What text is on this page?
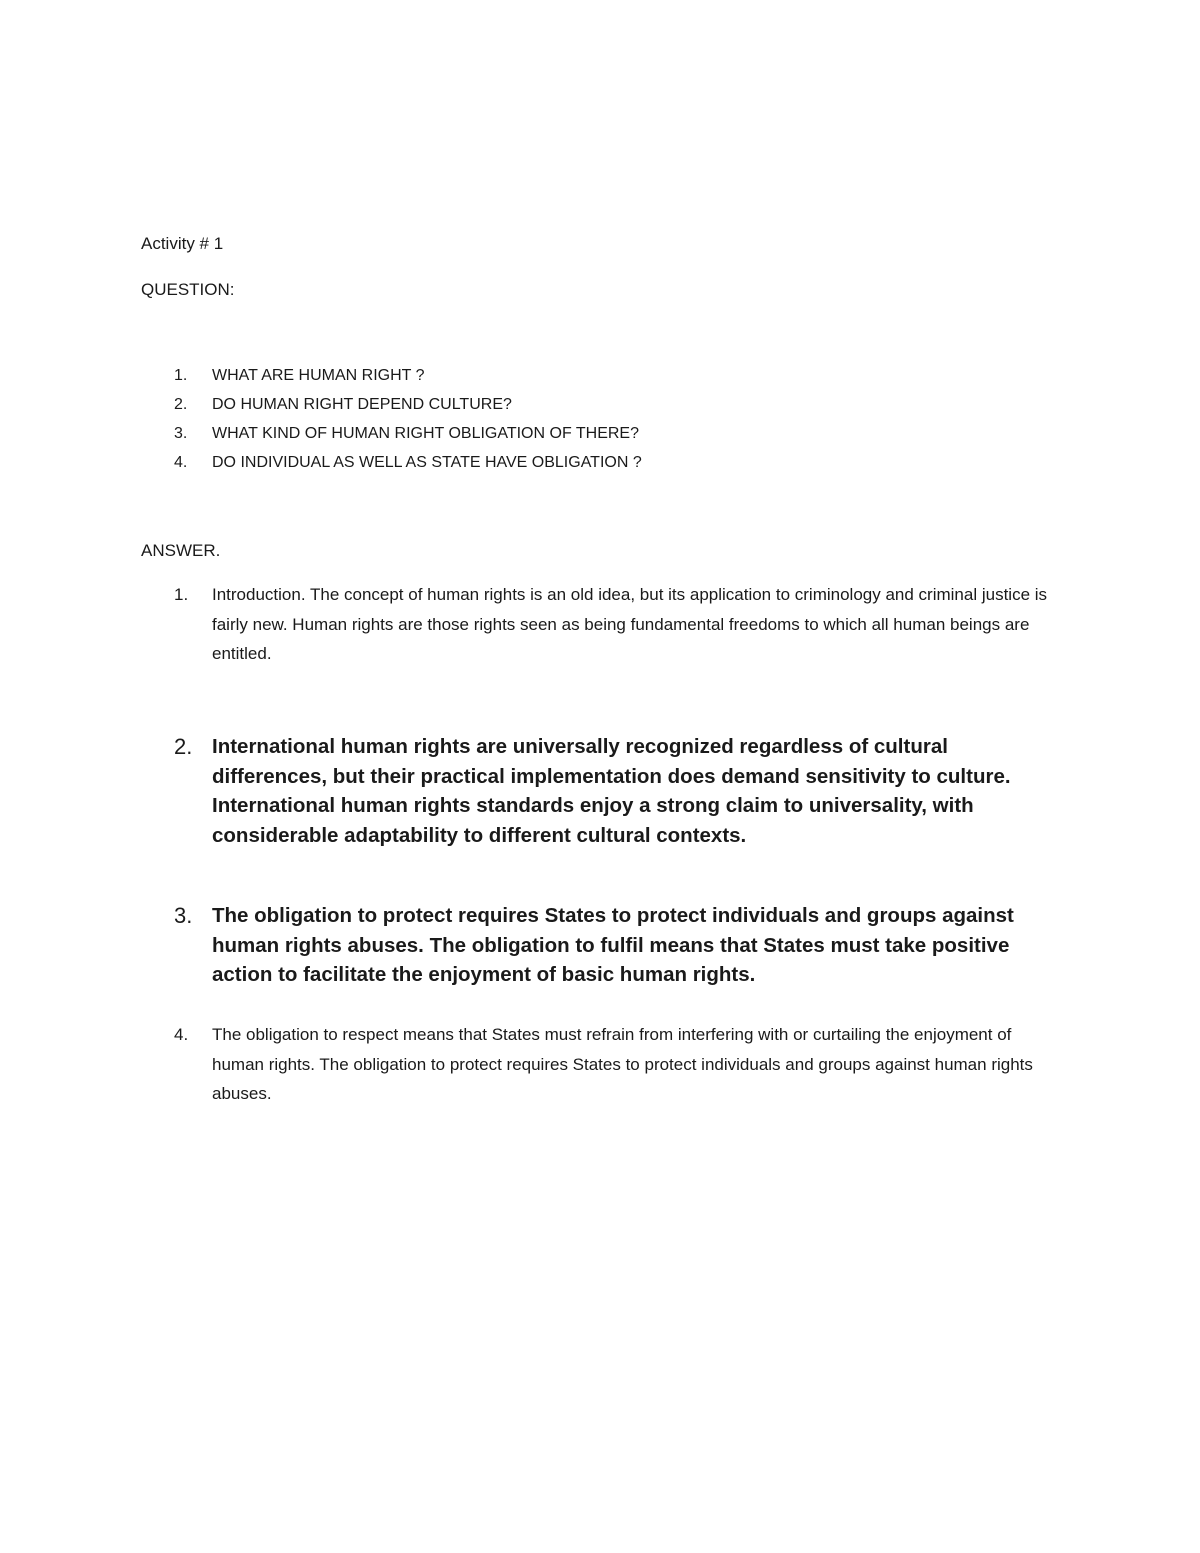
Activity # 1
QUESTION:
1. WHAT ARE HUMAN RIGHT ?
2. DO HUMAN RIGHT DEPEND CULTURE?
3. WHAT KIND OF HUMAN RIGHT OBLIGATION OF THERE?
4. DO INDIVIDUAL AS WELL AS STATE HAVE OBLIGATION ?
ANSWER.
1. Introduction. The concept of human rights is an old idea, but its application to criminology and criminal justice is fairly new. Human rights are those rights seen as being fundamental freedoms to which all human beings are entitled.
2. International human rights are universally recognized regardless of cultural differences, but their practical implementation does demand sensitivity to culture. International human rights standards enjoy a strong claim to universality, with considerable adaptability to different cultural contexts.
3. The obligation to protect requires States to protect individuals and groups against human rights abuses. The obligation to fulfil means that States must take positive action to facilitate the enjoyment of basic human rights.
4. The obligation to respect means that States must refrain from interfering with or curtailing the enjoyment of human rights. The obligation to protect requires States to protect individuals and groups against human rights abuses.
